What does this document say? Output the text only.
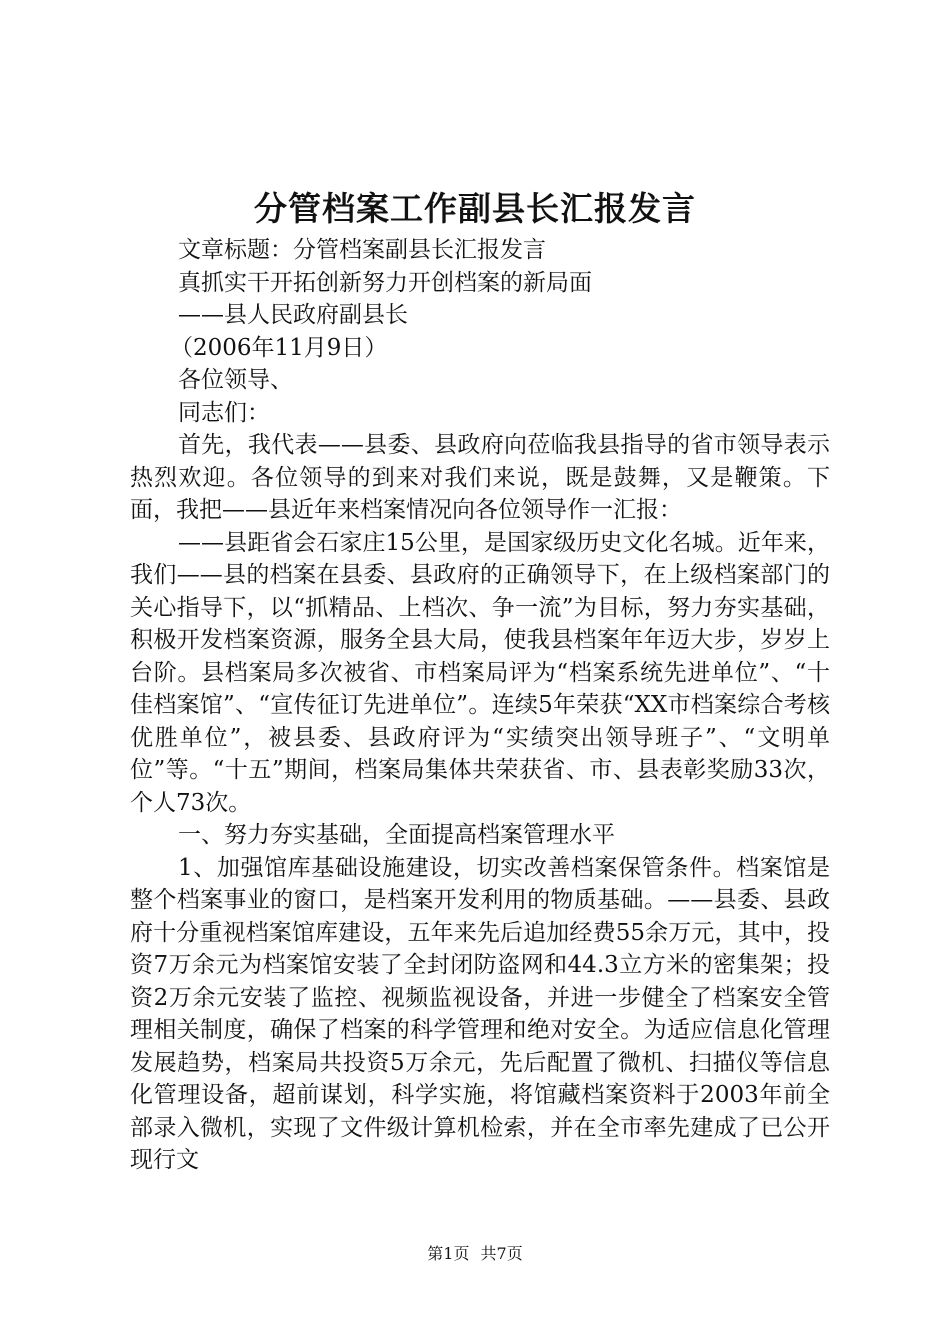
分管档案工作副县长汇报发言

文章标题：分管档案副县长汇报发言

真抓实干开拓创新努力开创档案的新局面

——县人民政府副县长

（2006年11月9日）

各位领导、

同志们：

首先，我代表——县委、县政府向莅临我县指导的省市领导表示热烈欢迎。各位领导的到来对我们来说，既是鼓舞，又是鞭策。下面，我把——县近年来档案情况向各位领导作一汇报：

——县距省会石家庄15公里，是国家级历史文化名城。近年来，我们——县的档案在县委、县政府的正确领导下，在上级档案部门的关心指导下，以“抓精品、上档次、争一流”为目标，努力夯实基础，积极开发档案资源，服务全县大局，使我县档案年年迈大步，岁岁上台阶。县档案局多次被省、市档案局评为“档案系统先进单位”、“十佳档案馆”、“宣传征订先进单位”。连续5年荣获“XX市档案综合考核优胜单位”，被县委、县政府评为“实绩突出领导班子”、“文明单位”等。“十五”期间，档案局集体共荣获省、市、县表彰奖励33次，个人73次。

一、努力夯实基础，全面提高档案管理水平

1、加强馆库基础设施建设，切实改善档案保管条件。档案馆是整个档案事业的窗口，是档案开发利用的物质基础。——县委、县政府十分重视档案馆库建设，五年来先后追加经费55余万元，其中，投资7万余元为档案馆安装了全封闭防盗网和44.3立方米的密集架；投资2万余元安装了监控、视频监视设备，并进一步健全了档案安全管理相关制度，确保了档案的科学管理和绝对安全。为适应信息化管理发展趋势，档案局共投资5万余元，先后配置了微机、扫描仪等信息化管理设备，超前谋划，科学实施，将馆藏档案资料于2003年前全部录入微机，实现了文件级计算机检索，并在全市率先建成了已公开现行文

第1页 共7页
